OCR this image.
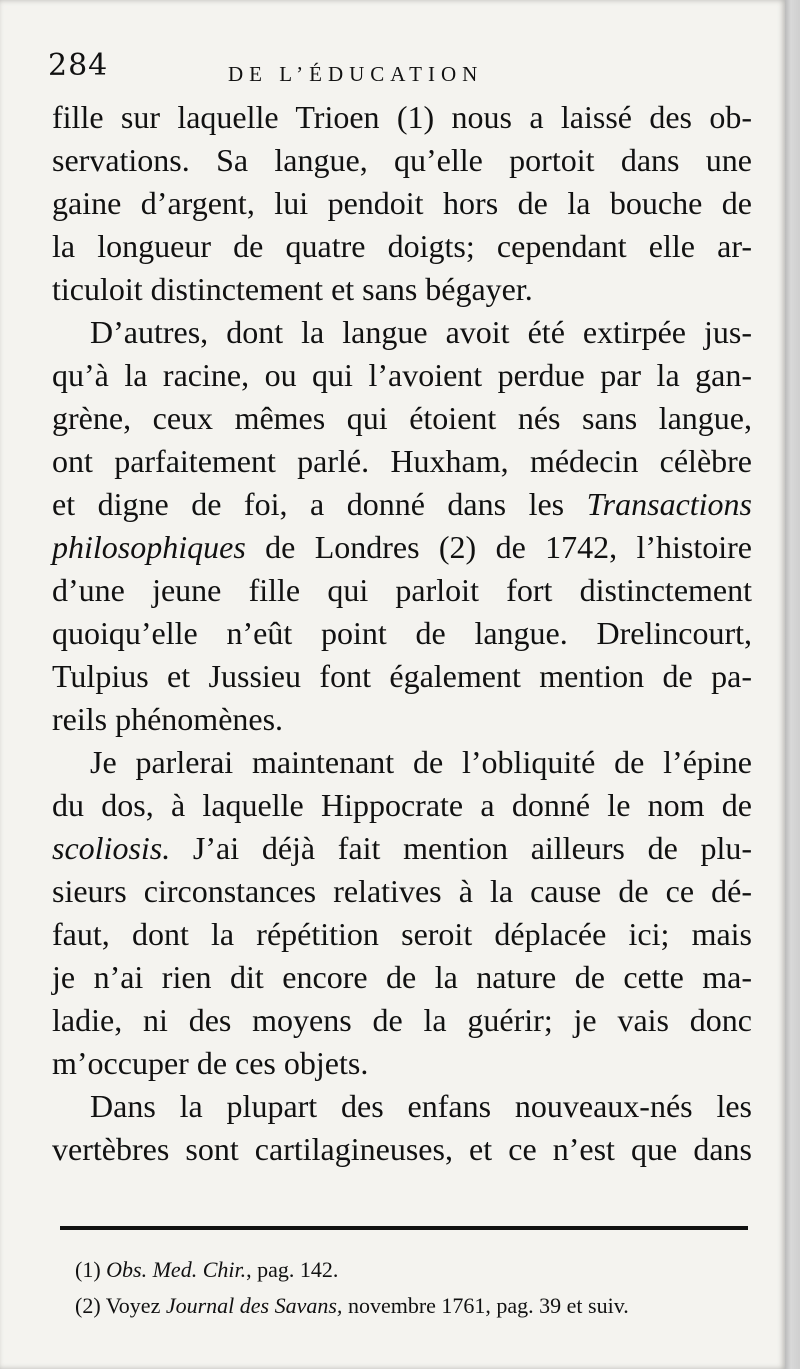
284	DE L’ÉDUCATION
fille sur laquelle Trioen (1) nous a laissé des ob-
servations. Sa langue, qu’elle portoit dans une
gaine d’argent, lui pendoit hors de la bouche de
la longueur de quatre doigts; cependant elle ar-
ticuloit distinctement et sans bégayer.
D’autres, dont la langue avoit été extirpée jus-
qu’à la racine, ou qui l’avoient perdue par la gan-
grène, ceux mêmes qui étoient nés sans langue,
ont parfaitement parlé. Huxham, médecin célèbre
et digne de foi, a donné dans les Transactions
philosophiques de Londres (2) de 1742, l’histoire
d’une jeune fille qui parloit fort distinctement
quoiqu’elle n’eût point de langue. Drelincourt,
Tulpius et Jussieu font également mention de pa-
reils phénomènes.
Je parlerai maintenant de l’obliquité de l’épine
du dos, à laquelle Hippocrate a donné le nom de
scoliosis. J’ai déjà fait mention ailleurs de plu-
sieurs circonstances relatives à la cause de ce dé-
faut, dont la répétition seroit déplacée ici; mais
je n’ai rien dit encore de la nature de cette ma-
ladie, ni des moyens de la guérir; je vais donc
m’occuper de ces objets.
Dans la plupart des enfans nouveaux-nés les
vertèbres sont cartilagineuses, et ce n’est que dans
(1) Obs. Med. Chir., pag. 142.
(2) Voyez Journal des Savans, novembre 1761, pag. 39 et suiv.
